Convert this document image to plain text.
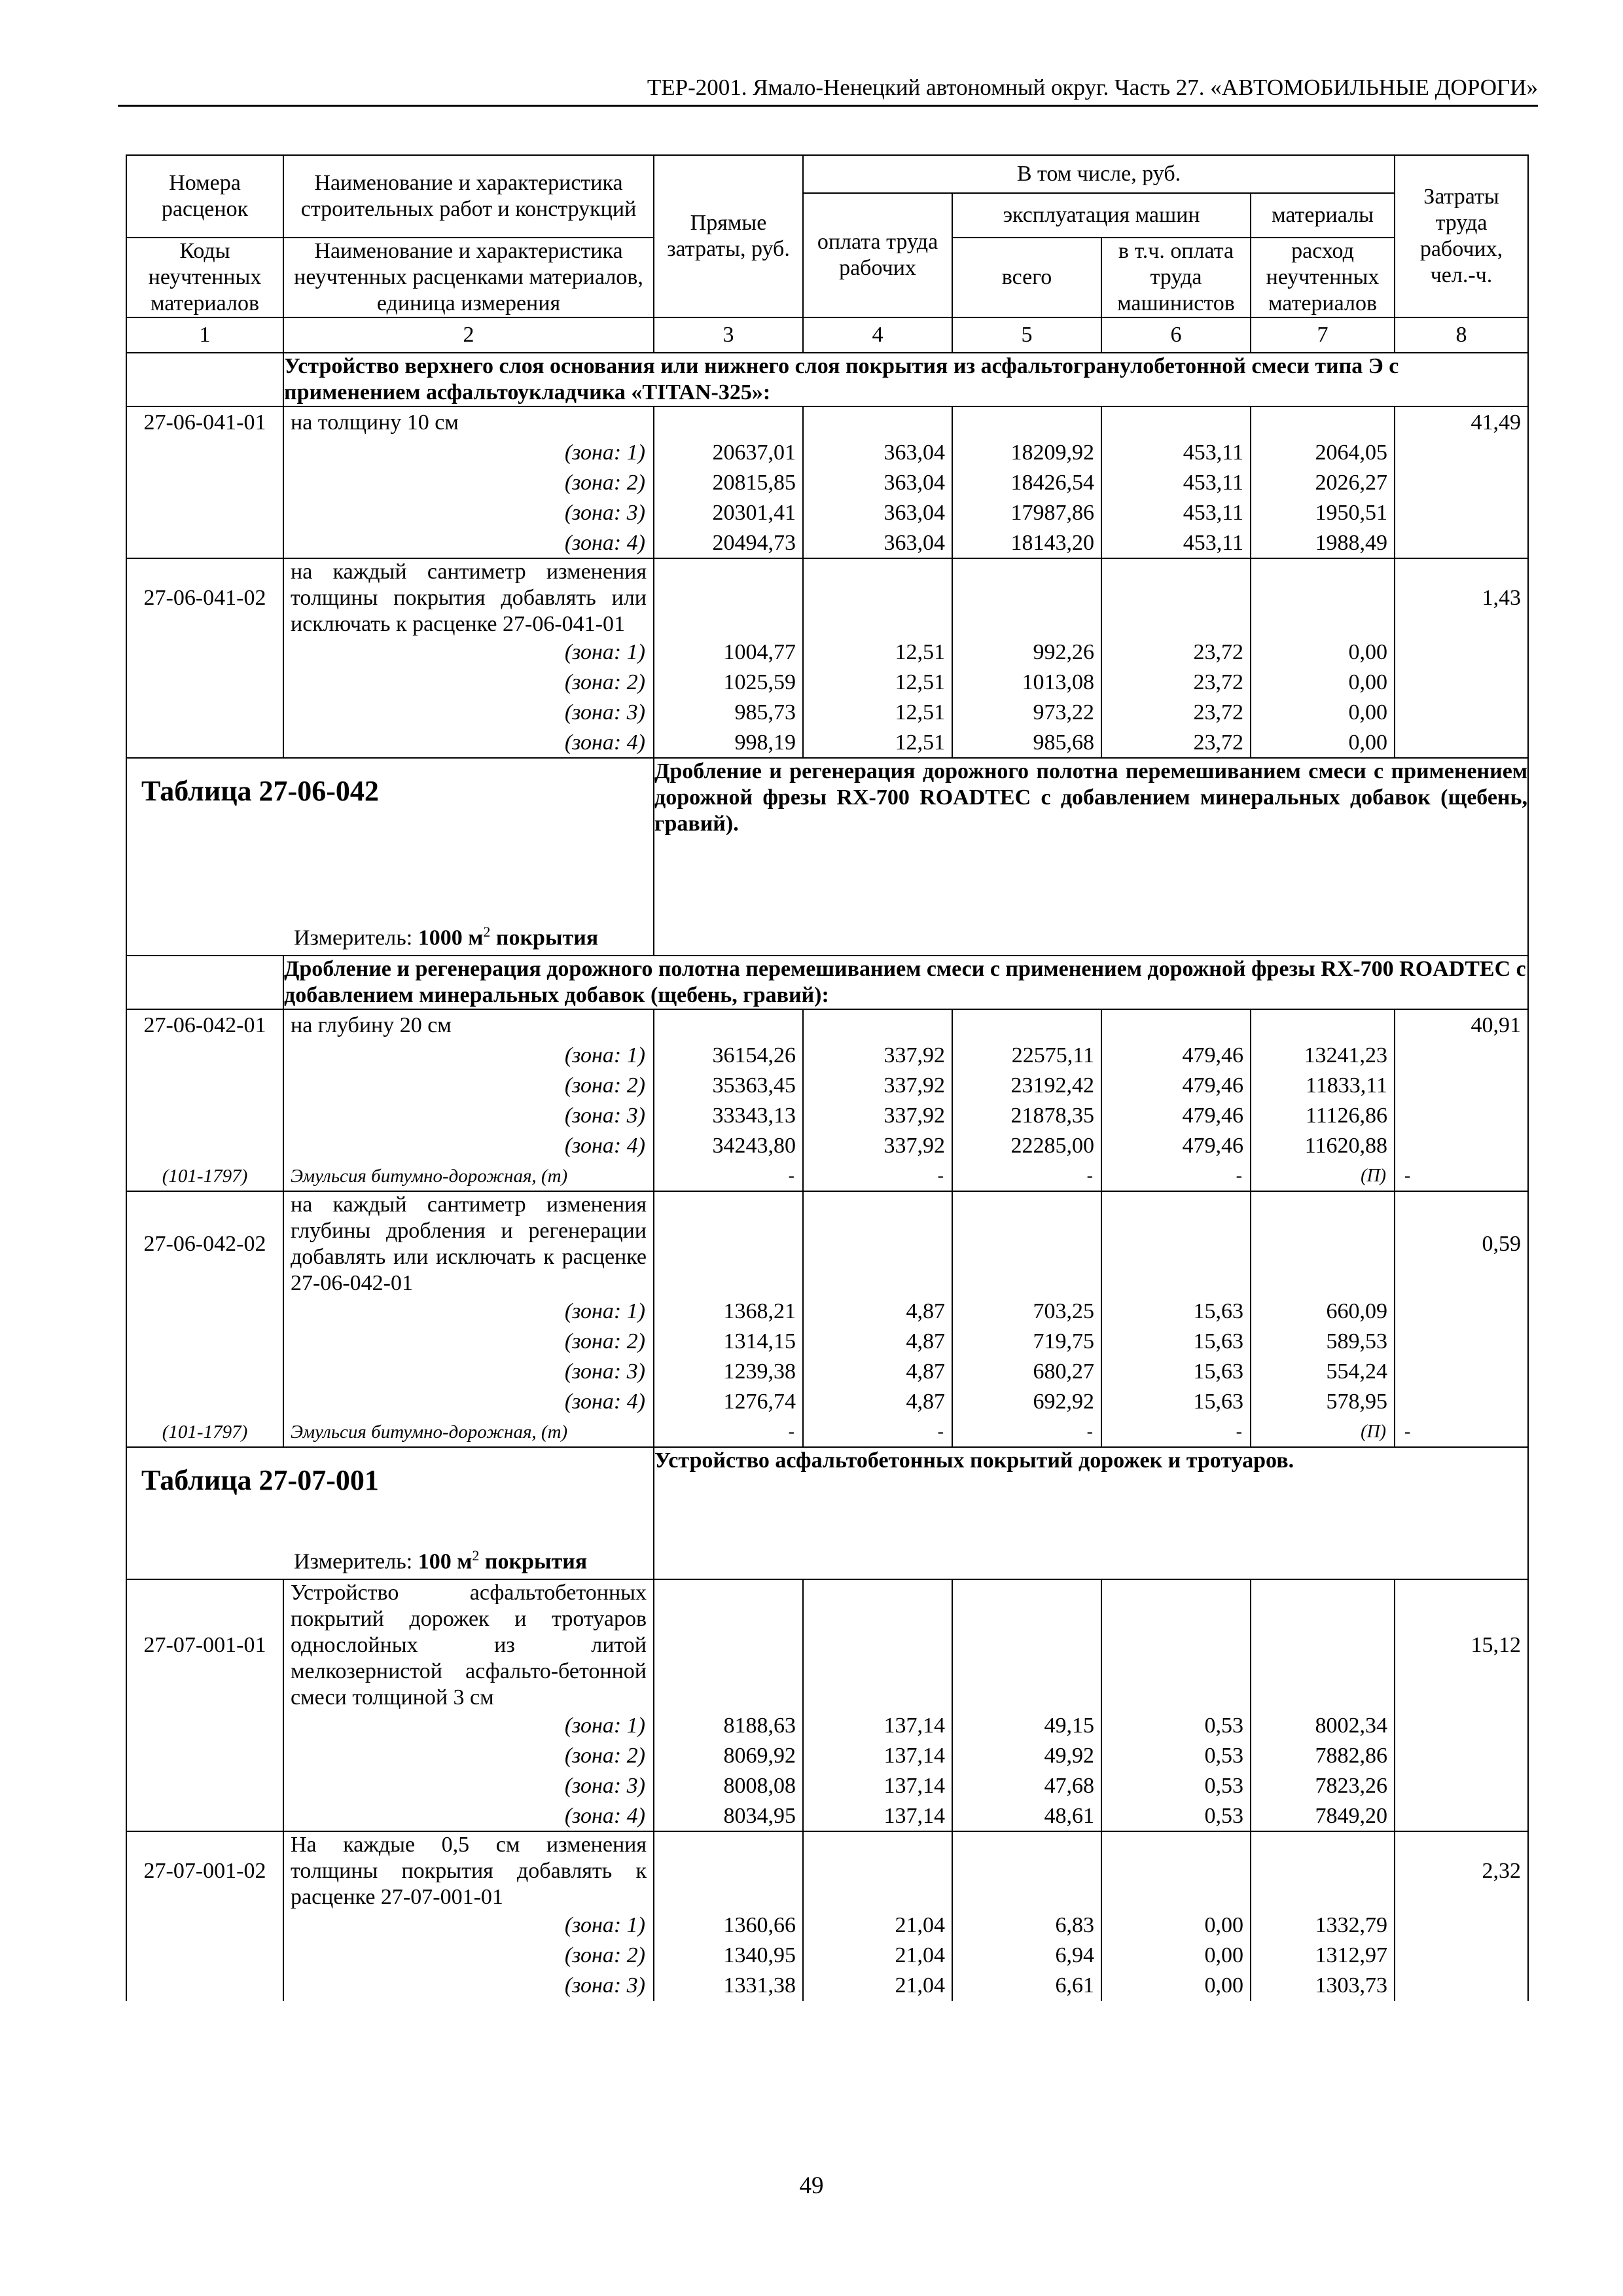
ТЕР-2001. Ямало-Ненецкий автономный округ. Часть 27. «АВТОМОБИЛЬНЫЕ ДОРОГИ»
Номера расценок	Наименование и характеристика строительных работ и конструкций	Прямые затраты, руб.	В том числе, руб.				Затраты труда рабочих, чел.-ч.
			оплата труда рабочих	эксплуатация машин		материалы	
Коды неучтенных материалов	Наименование и характеристика неучтенных расценками материалов, единица измерения			всего	в т.ч. оплата труда машинистов	расход неучтенных материалов	
1	2	3	4	5	6	7	8
	Устройство верхнего слоя основания или нижнего слоя покрытия из асфальтогранулобетонной смеси типа Э с применением асфальтоукладчика «TITAN-325»:						
27-06-041-01	на толщину 10 см						41,49
	(зона: 1)	20637,01	363,04	18209,92	453,11	2064,05	
	(зона: 2)	20815,85	363,04	18426,54	453,11	2026,27	
	(зона: 3)	20301,41	363,04	17987,86	453,11	1950,51	
	(зона: 4)	20494,73	363,04	18143,20	453,11	1988,49	
27-06-041-02	на каждый сантиметр изменения толщины покрытия добавлять или исключать к расценке 27-06-041-01						1,43
	(зона: 1)	1004,77	12,51	992,26	23,72	0,00	
	(зона: 2)	1025,59	12,51	1013,08	23,72	0,00	
	(зона: 3)	985,73	12,51	973,22	23,72	0,00	
	(зона: 4)	998,19	12,51	985,68	23,72	0,00	

Таблица 27-06-042
Измеритель: 1000 $м^2$ покрытия		Дробление и регенерация дорожного полотна перемешиванием смеси с применением дорожной фрезы RX-700 ROADTEC с добавлением минеральных добавок (щебень, гравий).					
	Дробление и регенерация дорожного полотна перемешиванием смеси с применением дорожной фрезы RX-700 ROADTEC с добавлением минеральных добавок (щебень, гравий):						
27-06-042-01	на глубину 20 см						40,91
	(зона: 1)	36154,26	337,92	22575,11	479,46	13241,23	
	(зона: 2)	35363,45	337,92	23192,42	479,46	11833,11	
	(зона: 3)	33343,13	337,92	21878,35	479,46	11126,86	
	(зона: 4)	34243,80	337,92	22285,00	479,46	11620,88	
(101-1797)	Эмульсия битумно-дорожная, (т)	-	-	-	-	(П)	-
27-06-042-02	на каждый сантиметр изменения глубины дробления и регенерации добавлять или исключать к расценке 27-06-042-01						0,59
	(зона: 1)	1368,21	4,87	703,25	15,63	660,09	
	(зона: 2)	1314,15	4,87	719,75	15,63	589,53	
	(зона: 3)	1239,38	4,87	680,27	15,63	554,24	
	(зона: 4)	1276,74	4,87	692,92	15,63	578,95	
(101-1797)	Эмульсия битумно-дорожная, (т)	-	-	-	-	(П)	-

Таблица 27-07-001
Измеритель: 100 $м^2$ покрытия		Устройство асфальтобетонных покрытий дорожек и тротуаров.					
27-07-001-01	Устройство асфальтобетонных покрытий дорожек и тротуаров однослойных из литой мелкозернистой асфальто-бетонной смеси толщиной 3 см						15,12
	(зона: 1)	8188,63	137,14	49,15	0,53	8002,34	
	(зона: 2)	8069,92	137,14	49,92	0,53	7882,86	
	(зона: 3)	8008,08	137,14	47,68	0,53	7823,26	
	(зона: 4)	8034,95	137,14	48,61	0,53	7849,20	
27-07-001-02	На каждые 0,5 см изменения толщины покрытия добавлять к расценке 27-07-001-01						2,32
	(зона: 1)	1360,66	21,04	6,83	0,00	1332,79	
	(зона: 2)	1340,95	21,04	6,94	0,00	1312,97	
	(зона: 3)	1331,38	21,04	6,61	0,00	1303,73	
49
